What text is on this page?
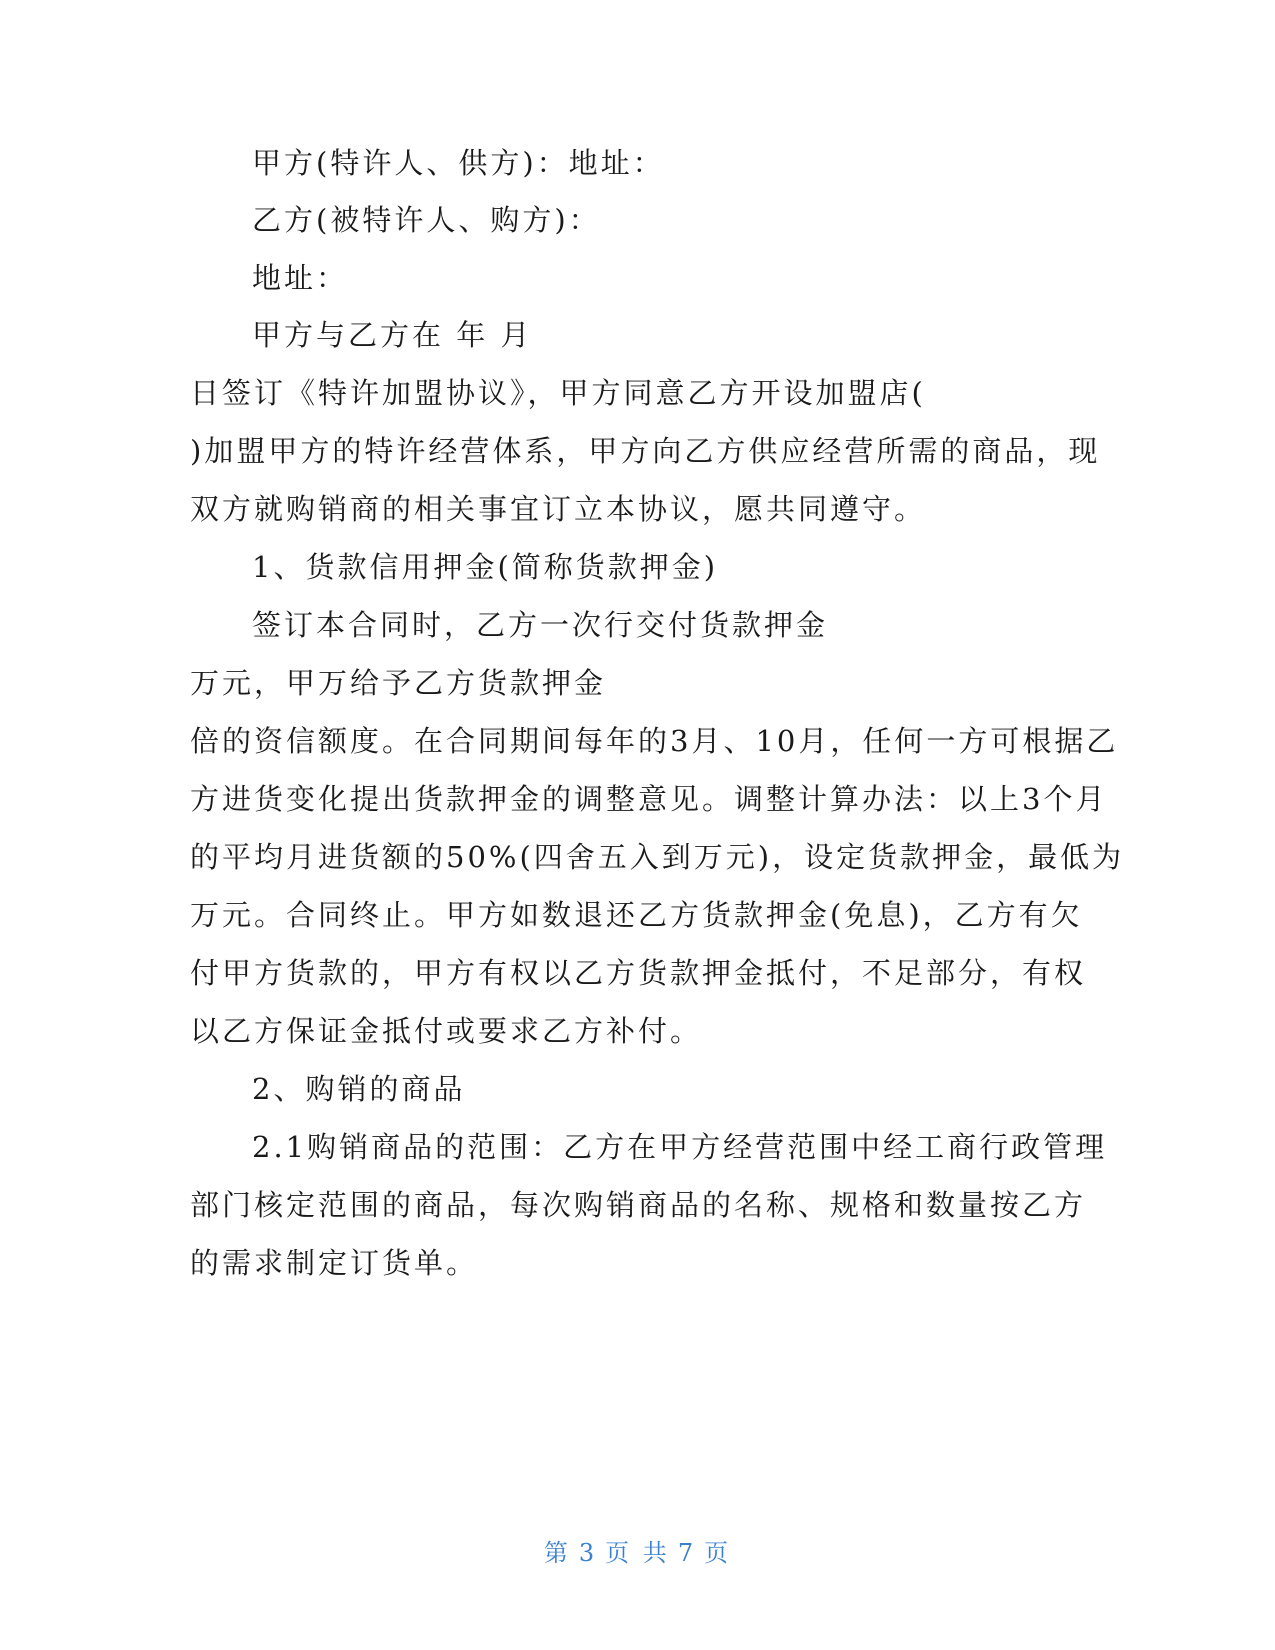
甲方(特许人、供方)：地址：
乙方(被特许人、购方)：
地址：
甲方与乙方在 年 月
日签订《特许加盟协议》，甲方同意乙方开设加盟店(
)加盟甲方的特许经营体系，甲方向乙方供应经营所需的商品，现
双方就购销商的相关事宜订立本协议，愿共同遵守。
1、货款信用押金(简称货款押金)
签订本合同时，乙方一次行交付货款押金
万元，甲万给予乙方货款押金
倍的资信额度。在合同期间每年的3月、10月，任何一方可根据乙
方进货变化提出货款押金的调整意见。调整计算办法：以上3个月
的平均月进货额的50%(四舍五入到万元)，设定货款押金，最低为
万元。合同终止。甲方如数退还乙方货款押金(免息)，乙方有欠
付甲方货款的，甲方有权以乙方货款押金抵付，不足部分，有权
以乙方保证金抵付或要求乙方补付。
2、购销的商品
2.1购销商品的范围：乙方在甲方经营范围中经工商行政管理
部门核定范围的商品，每次购销商品的名称、规格和数量按乙方
的需求制定订货单。
第 3 页 共 7 页
